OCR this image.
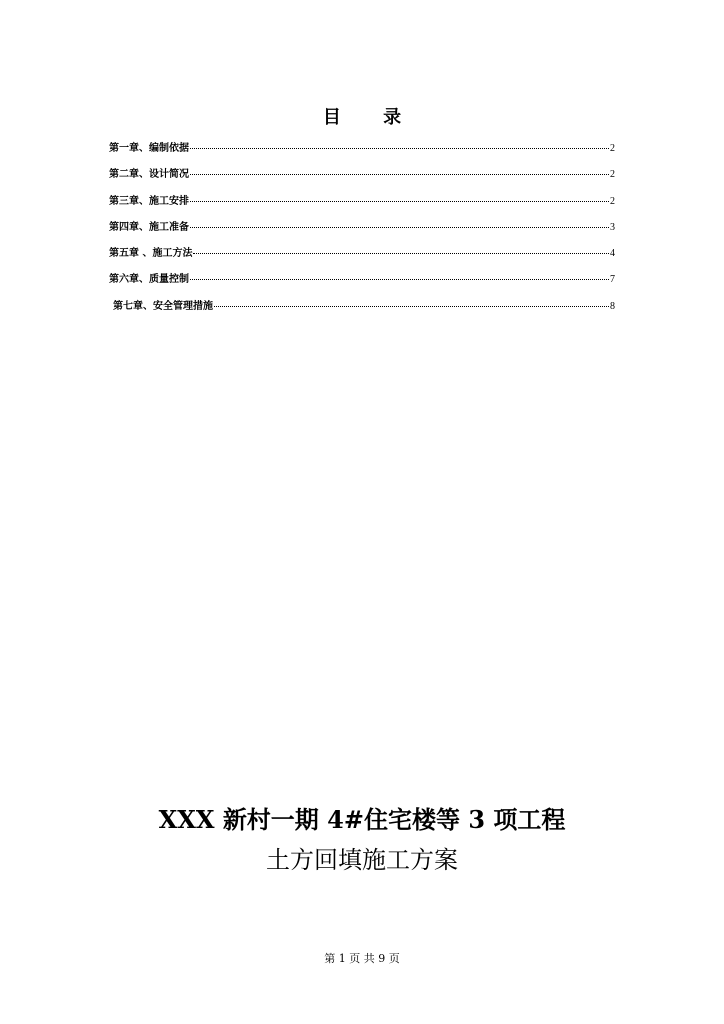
目 录
第一章、编制依据	2
第二章、设计简况	2
第三章、施工安排	2
第四章、施工准备	3
第五章 、施工方法	4
第六章、质量控制	7
第七章、安全管理措施	8
XXX 新村一期 4#住宅楼等 3 项工程
土方回填施工方案
第 1 页 共 9 页
